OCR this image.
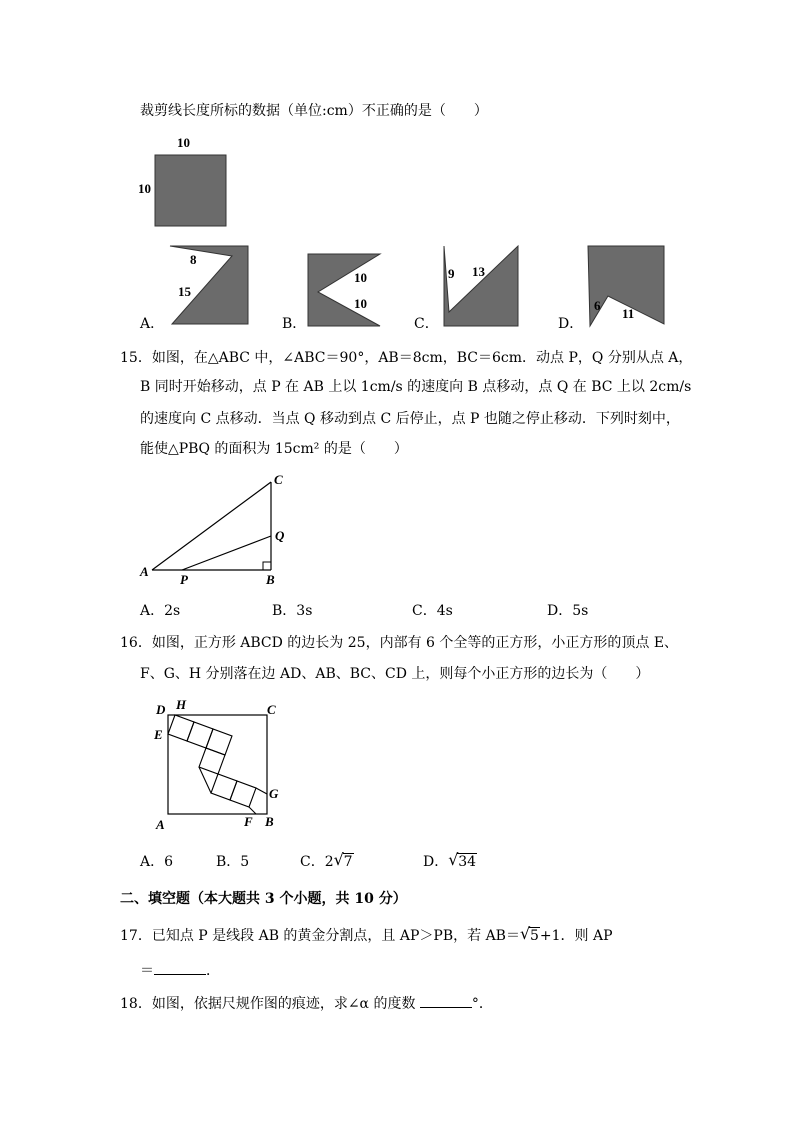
裁剪线长度所标的数据（单位:cm）不正确的是（　　）
10
10
8
15
A．
10
10
B．
9 13
C．
6
11
D．
15．如图，在△ABC 中，∠ABC＝90°，AB＝8cm，BC＝6cm．动点 P，Q 分别从点 A，
B 同时开始移动，点 P 在 AB 上以 1cm/s 的速度向 B 点移动，点 Q 在 BC 上以 2cm/s
的速度向 C 点移动．当点 Q 移动到点 C 后停止，点 P 也随之停止移动．下列时刻中，
能使△PBQ 的面积为 15cm² 的是（　　）
A
P	B
Q
C
A．2s	B．3s	C．4s	D．5s
16．如图，正方形 ABCD 的边长为 25，内部有 6 个全等的正方形，小正方形的顶点 E、
F、G、H 分别落在边 AD、AB、BC、CD 上，则每个小正方形的边长为（　　）
D H	C
E
G
A	F B
A．6	B．5	C．2 √ 7	D． √ 34
二、填空题（本大题共 3 个小题，共 10 分）
17．已知点 P 是线段 AB 的黄金分割点，且 AP＞PB，若 AB＝ √ 5+1．则 AP
＝	．
18．如图，依据尺规作图的痕迹，求∠α 的度数	°．
